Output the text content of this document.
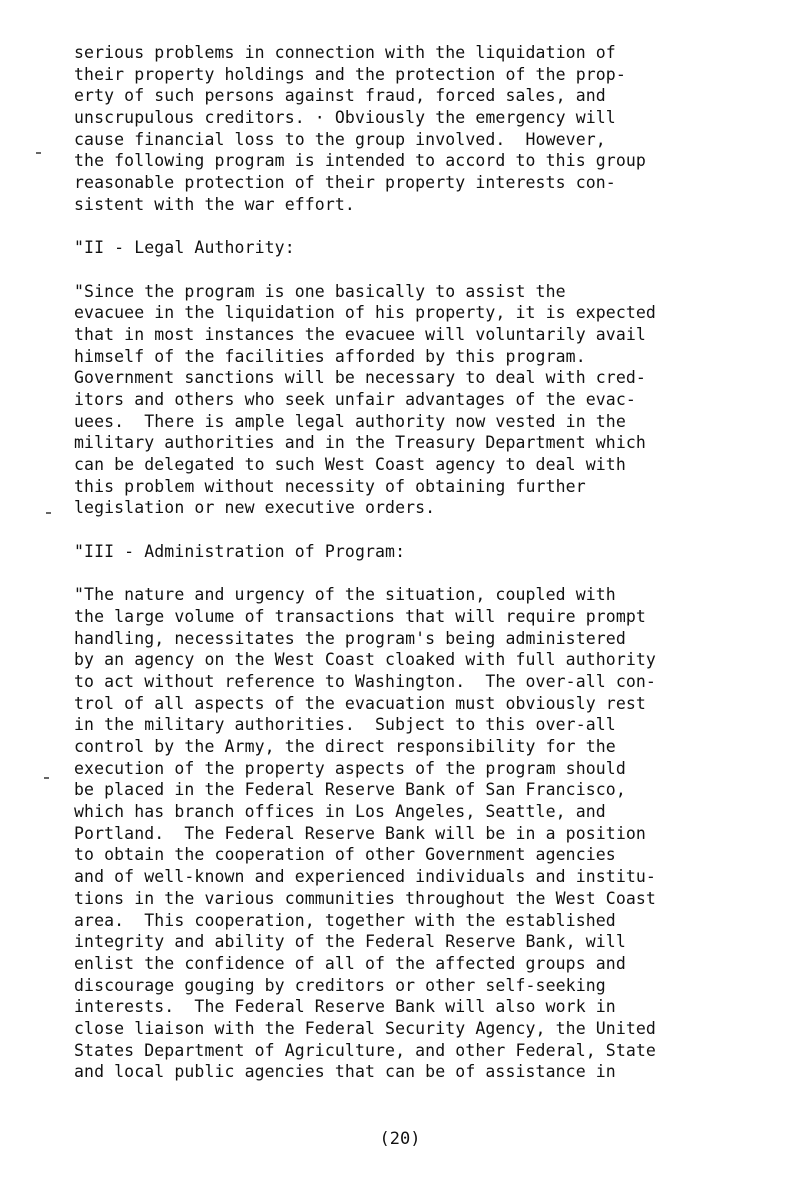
serious problems in connection with the liquidation of
their property holdings and the protection of the prop-
erty of such persons against fraud, forced sales, and
unscrupulous creditors. · Obviously the emergency will
cause financial loss to the group involved.  However,
the following program is intended to accord to this group
reasonable protection of their property interests con-
sistent with the war effort.
"II - Legal Authority:
"Since the program is one basically to assist the
evacuee in the liquidation of his property, it is expected
that in most instances the evacuee will voluntarily avail
himself of the facilities afforded by this program.
Government sanctions will be necessary to deal with cred-
itors and others who seek unfair advantages of the evac-
uees.  There is ample legal authority now vested in the
military authorities and in the Treasury Department which
can be delegated to such West Coast agency to deal with
this problem without necessity of obtaining further
legislation or new executive orders.
"III - Administration of Program:
"The nature and urgency of the situation, coupled with
the large volume of transactions that will require prompt
handling, necessitates the program's being administered
by an agency on the West Coast cloaked with full authority
to act without reference to Washington.  The over-all con-
trol of all aspects of the evacuation must obviously rest
in the military authorities.  Subject to this over-all
control by the Army, the direct responsibility for the
execution of the property aspects of the program should
be placed in the Federal Reserve Bank of San Francisco,
which has branch offices in Los Angeles, Seattle, and
Portland.  The Federal Reserve Bank will be in a position
to obtain the cooperation of other Government agencies
and of well-known and experienced individuals and institu-
tions in the various communities throughout the West Coast
area.  This cooperation, together with the established
integrity and ability of the Federal Reserve Bank, will
enlist the confidence of all of the affected groups and
discourage gouging by creditors or other self-seeking
interests.  The Federal Reserve Bank will also work in
close liaison with the Federal Security Agency, the United
States Department of Agriculture, and other Federal, State
and local public agencies that can be of assistance in
(20)
